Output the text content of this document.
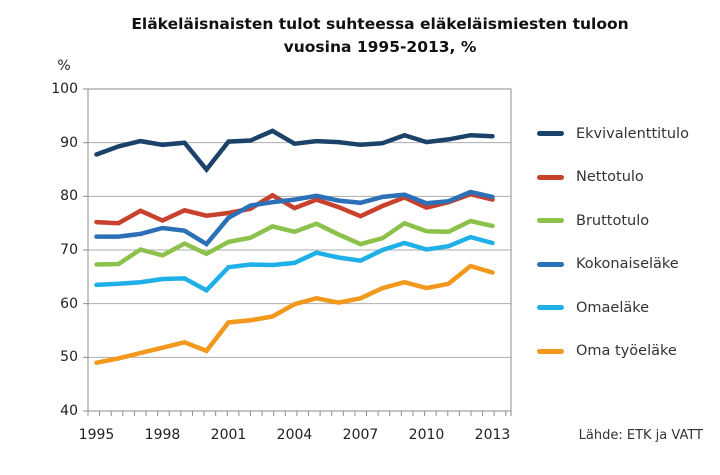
Eläkeläisnaisten tulot suhteessa eläkeläismiesten tuloon
vuosina 1995-2013, %
%
40
50
60
70
80
90
100
1995	1998	2001	2004	2007	2010	2013
Ekvivalenttitulo
Nettotulo
Bruttotulo
Kokonaiseläke
Omaeläke
Oma työeläke
Lähde: ETK ja VATT
